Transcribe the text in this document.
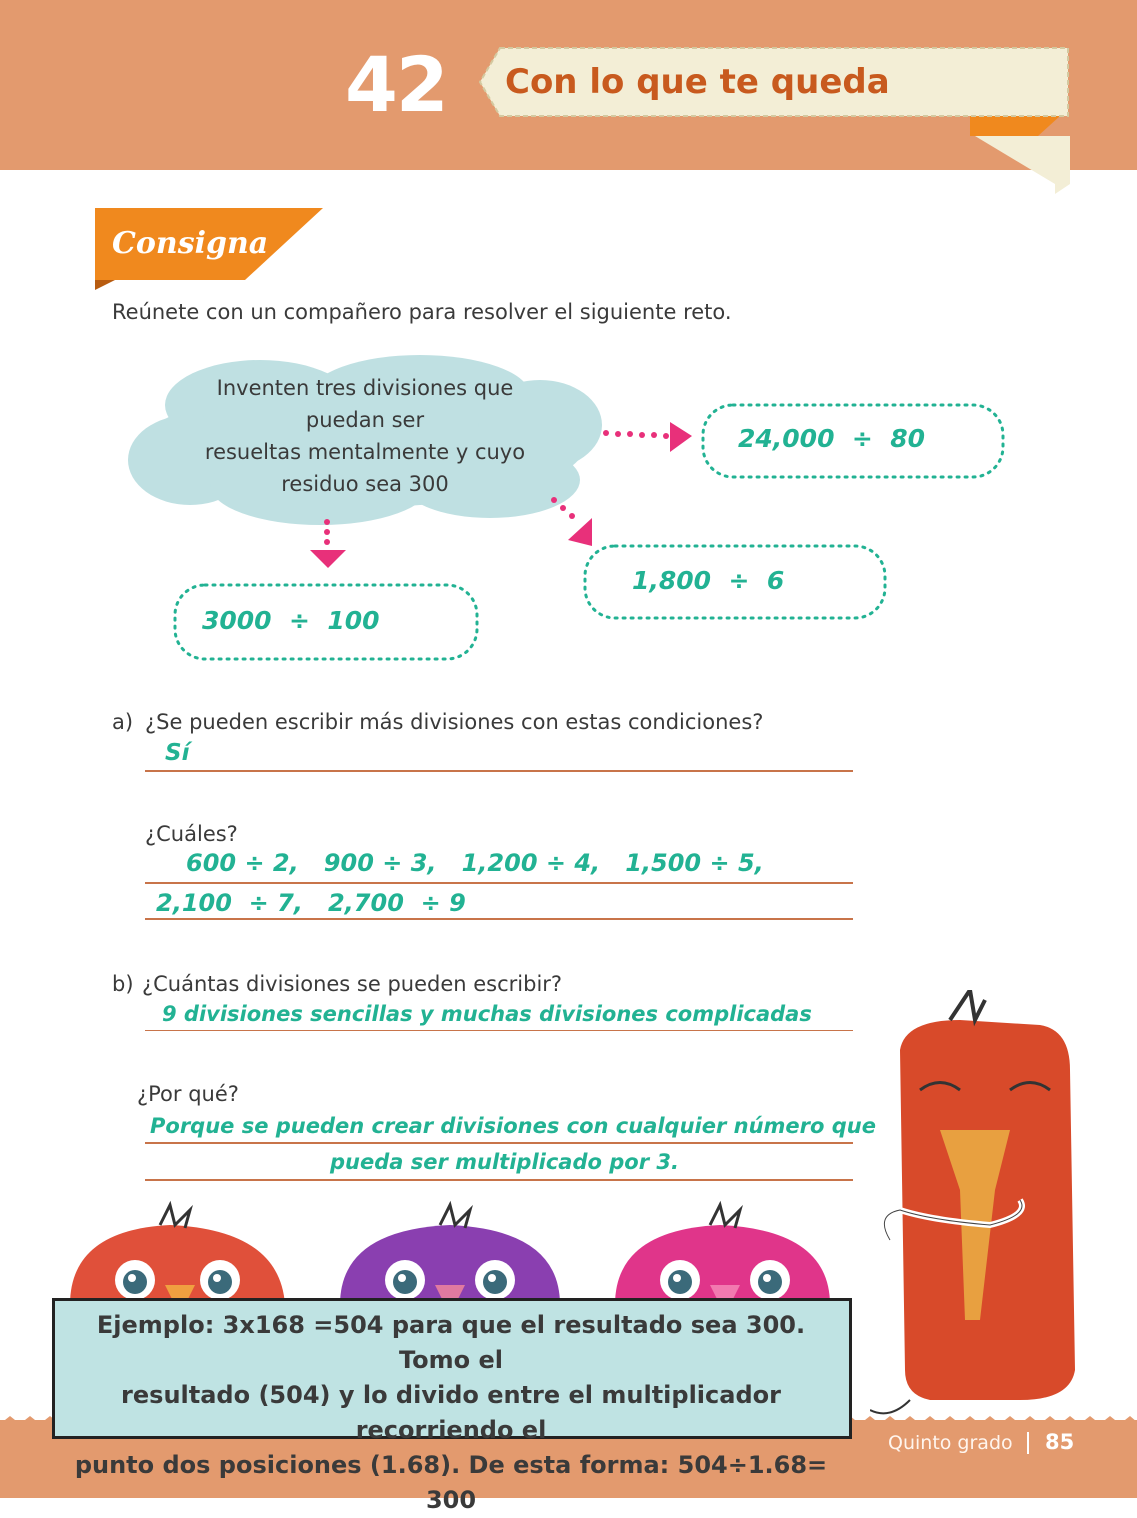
42	Con lo que te queda
Consigna
Reúnete con un compañero para resolver el siguiente reto.
Inventen tres divisiones que
puedan ser
resueltas mentalmente y cuyo
residuo sea 300
24,000  ÷  80
1,800  ÷  6
3000  ÷  100
a) ¿Se pueden escribir más divisiones con estas condiciones?
Sí
¿Cuáles?
600 ÷ 2,   900 ÷ 3,   1,200 ÷ 4,   1,500 ÷ 5,
2,100  ÷ 7,   2,700  ÷ 9
b) ¿Cuántas divisiones se pueden escribir?
9 divisiones sencillas y muchas divisiones complicadas
¿Por qué?
Porque se pueden crear divisiones con cualquier número que
pueda ser multiplicado por 3.
Ejemplo: 3x168 =504 para que el resultado sea 300. Tomo el
resultado (504) y lo divido entre el multiplicador recorriendo el
punto dos posiciones (1.68). De esta forma: 504÷1.68= 300
Quinto grado 85
